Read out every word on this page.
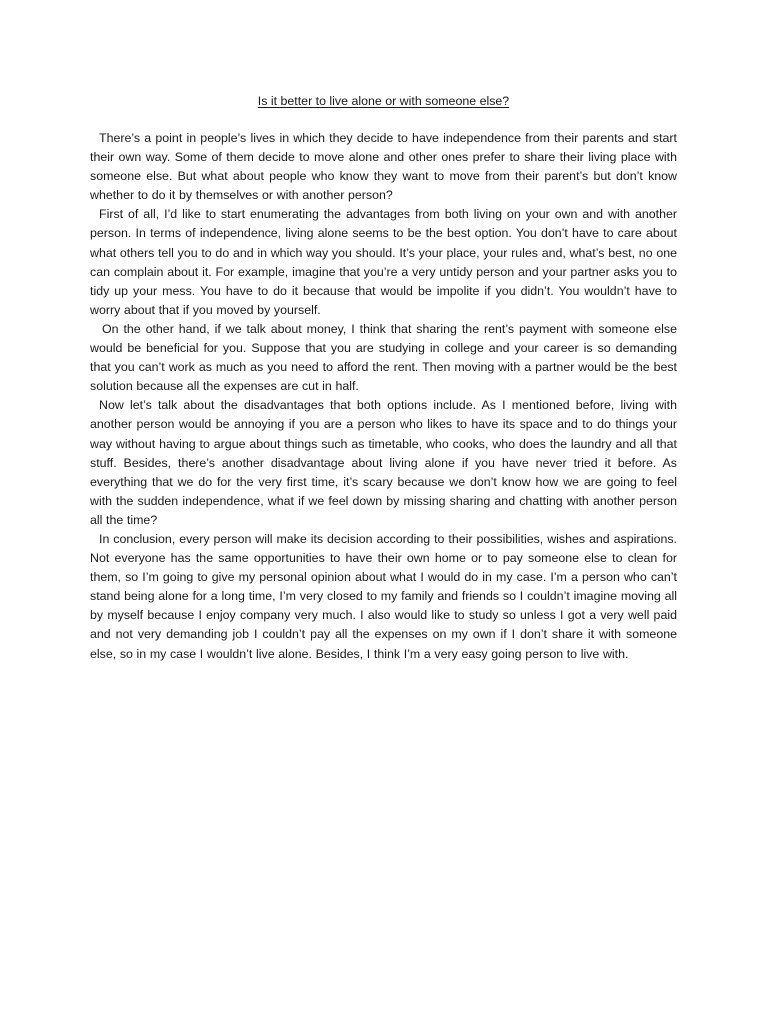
Is it better to live alone or with someone else?

There’s a point in people’s lives in which they decide to have independence from their parents and start their own way. Some of them decide to move alone and other ones prefer to share their living place with someone else. But what about people who know they want to move from their parent’s but don’t know whether to do it by themselves or with another person?

First of all, I’d like to start enumerating the advantages from both living on your own and with another person. In terms of independence, living alone seems to be the best option. You don’t have to care about what others tell you to do and in which way you should. It’s your place, your rules and, what’s best, no one can complain about it. For example, imagine that you’re a very untidy person and your partner asks you to tidy up your mess. You have to do it because that would be impolite if you didn’t. You wouldn’t have to worry about that if you moved by yourself.

On the other hand, if we talk about money, I think that sharing the rent’s payment with someone else would be beneficial for you. Suppose that you are studying in college and your career is so demanding that you can’t work as much as you need to afford the rent. Then moving with a partner would be the best solution because all the expenses are cut in half.

Now let’s talk about the disadvantages that both options include. As I mentioned before, living with another person would be annoying if you are a person who likes to have its space and to do things your way without having to argue about things such as timetable, who cooks, who does the laundry and all that stuff. Besides, there’s another disadvantage about living alone if you have never tried it before. As everything that we do for the very first time, it’s scary because we don’t know how we are going to feel with the sudden independence, what if we feel down by missing sharing and chatting with another person all the time?

In conclusion, every person will make its decision according to their possibilities, wishes and aspirations. Not everyone has the same opportunities to have their own home or to pay someone else to clean for them, so I’m going to give my personal opinion about what I would do in my case. I’m a person who can’t stand being alone for a long time, I’m very closed to my family and friends so I couldn’t imagine moving all by myself because I enjoy company very much. I also would like to study so unless I got a very well paid and not very demanding job I couldn’t pay all the expenses on my own if I don’t share it with someone else, so in my case I wouldn’t live alone. Besides, I think I’m a very easy going person to live with.
